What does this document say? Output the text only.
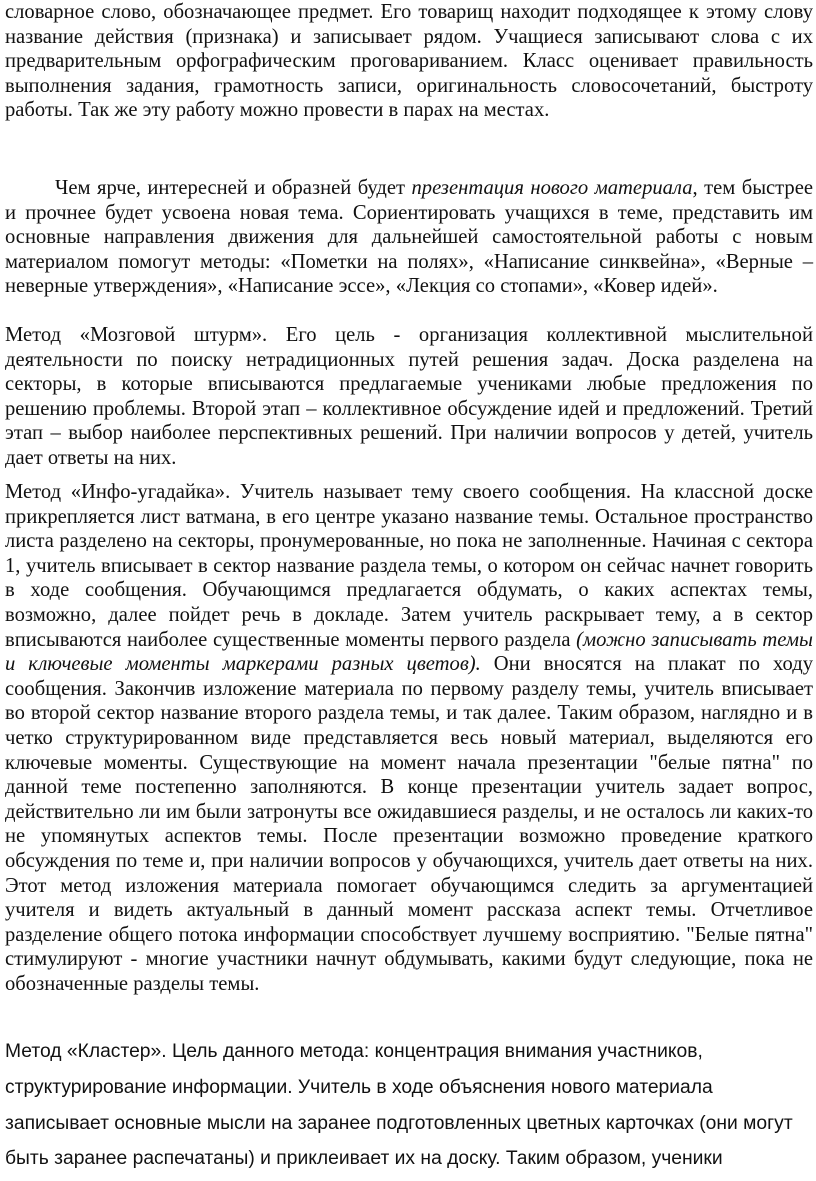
словарное слово, обозначающее предмет. Его товарищ находит подходящее к этому слову название действия (признака) и записывает рядом. Учащиеся записывают слова с их предварительным орфографическим проговариванием. Класс оценивает правильность выполнения задания, грамотность записи, оригинальность словосочетаний, быстроту работы. Так же эту работу можно провести в парах на местах.

Чем ярче, интересней и образней будет презентация нового материала, тем быстрее и прочнее будет усвоена новая тема. Сориентировать учащихся в теме, представить им основные направления движения для дальнейшей самостоятельной работы с новым материалом помогут методы: «Пометки на полях», «Написание синквейна», «Верные – неверные утверждения», «Написание эссе», «Лекция со стопами», «Ковер идей».

Метод «Мозговой штурм». Его цель - организация коллективной мыслительной деятельности по поиску нетрадиционных путей решения задач. Доска разделена на секторы, в которые вписываются предлагаемые учениками любые предложения по решению проблемы. Второй этап – коллективное обсуждение идей и предложений. Третий этап – выбор наиболее перспективных решений. При наличии вопросов у детей, учитель дает ответы на них.

Метод «Инфо-угадайка». Учитель называет тему своего сообщения. На классной доске прикрепляется лист ватмана, в его центре указано название темы. Остальное пространство листа разделено на секторы, пронумерованные, но пока не заполненные. Начиная с сектора 1, учитель вписывает в сектор название раздела темы, о котором он сейчас начнет говорить в ходе сообщения. Обучающимся предлагается обдумать, о каких аспектах темы, возможно, далее пойдет речь в докладе. Затем учитель раскрывает тему, а в сектор вписываются наиболее существенные моменты первого раздела (можно записывать темы и ключевые моменты маркерами разных цветов). Они вносятся на плакат по ходу сообщения. Закончив изложение материала по первому разделу темы, учитель вписывает во второй сектор название второго раздела темы, и так далее. Таким образом, наглядно и в четко структурированном виде представляется весь новый материал, выделяются его ключевые моменты. Существующие на момент начала презентации "белые пятна" по данной теме постепенно заполняются. В конце презентации учитель задает вопрос, действительно ли им были затронуты все ожидавшиеся разделы, и не осталось ли каких-то не упомянутых аспектов темы. После презентации возможно проведение краткого обсуждения по теме и, при наличии вопросов у обучающихся, учитель дает ответы на них. Этот метод изложения материала помогает обучающимся следить за аргументацией учителя и видеть актуальный в данный момент рассказа аспект темы. Отчетливое разделение общего потока информации способствует лучшему восприятию. "Белые пятна" стимулируют - многие участники начнут обдумывать, какими будут следующие, пока не обозначенные разделы темы.

Метод «Кластер». Цель данного метода: концентрация внимания участников, структурирование информации. Учитель в ходе объяснения нового материала записывает основные мысли на заранее подготовленных цветных карточках (они могут быть заранее распечатаны) и приклеивает их на доску. Таким образом, ученики
